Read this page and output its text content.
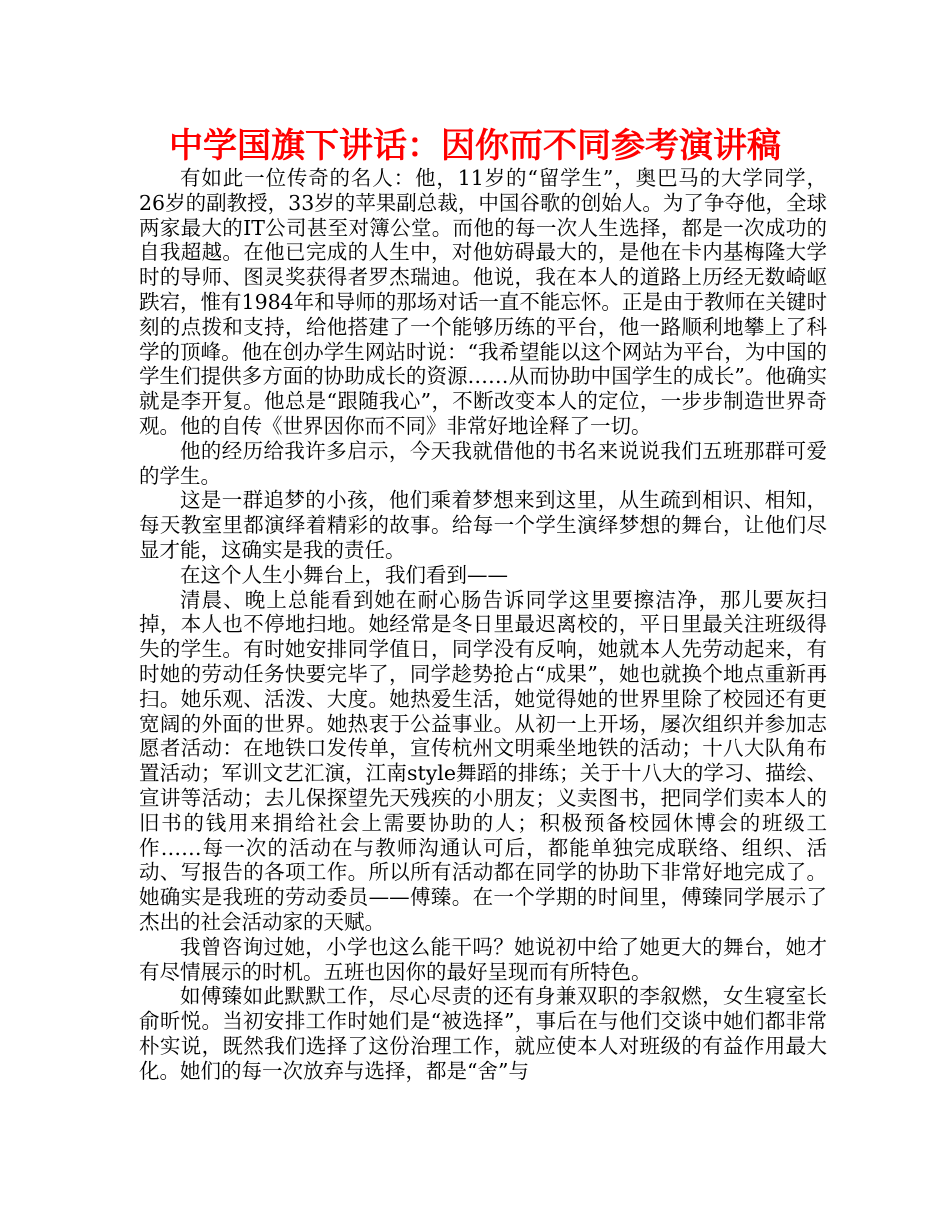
中学国旗下讲话：因你而不同参考演讲稿

有如此一位传奇的名人：他，11岁的“留学生”，奥巴马的大学同学，26岁的副教授，33岁的苹果副总裁，中国谷歌的创始人。为了争夺他，全球两家最大的IT公司甚至对簿公堂。而他的每一次人生选择，都是一次成功的自我超越。在他已完成的人生中，对他妨碍最大的，是他在卡内基梅隆大学时的导师、图灵奖获得者罗杰瑞迪。他说，我在本人的道路上历经无数崎岖跌宕，惟有1984年和导师的那场对话一直不能忘怀。正是由于教师在关键时刻的点拨和支持，给他搭建了一个能够历练的平台，他一路顺利地攀上了科学的顶峰。他在创办学生网站时说：“我希望能以这个网站为平台，为中国的学生们提供多方面的协助成长的资源……从而协助中国学生的成长”。他确实就是李开复。他总是“跟随我心”，不断改变本人的定位，一步步制造世界奇观。他的自传《世界因你而不同》非常好地诠释了一切。

他的经历给我许多启示，今天我就借他的书名来说说我们五班那群可爱的学生。

这是一群追梦的小孩，他们乘着梦想来到这里，从生疏到相识、相知，每天教室里都演绎着精彩的故事。给每一个学生演绎梦想的舞台，让他们尽显才能，这确实是我的责任。

在这个人生小舞台上，我们看到——

清晨、晚上总能看到她在耐心肠告诉同学这里要擦洁净，那儿要灰扫掉，本人也不停地扫地。她经常是冬日里最迟离校的，平日里最关注班级得失的学生。有时她安排同学值日，同学没有反响，她就本人先劳动起来，有时她的劳动任务快要完毕了，同学趁势抢占“成果”，她也就换个地点重新再扫。她乐观、活泼、大度。她热爱生活，她觉得她的世界里除了校园还有更宽阔的外面的世界。她热衷于公益事业。从初一上开场，屡次组织并参加志愿者活动：在地铁口发传单，宣传杭州文明乘坐地铁的活动；十八大队角布置活动；军训文艺汇演，江南style舞蹈的排练；关于十八大的学习、描绘、宣讲等活动；去儿保探望先天残疾的小朋友；义卖图书，把同学们卖本人的旧书的钱用来捐给社会上需要协助的人；积极预备校园休博会的班级工作……每一次的活动在与教师沟通认可后，都能单独完成联络、组织、活动、写报告的各项工作。所以所有活动都在同学的协助下非常好地完成了。她确实是我班的劳动委员——傅臻。在一个学期的时间里，傅臻同学展示了杰出的社会活动家的天赋。

我曾咨询过她，小学也这么能干吗？她说初中给了她更大的舞台，她才有尽情展示的时机。五班也因你的最好呈现而有所特色。

如傅臻如此默默工作，尽心尽责的还有身兼双职的李叙燃，女生寝室长俞昕悦。当初安排工作时她们是“被选择”，事后在与他们交谈中她们都非常朴实说，既然我们选择了这份治理工作，就应使本人对班级的有益作用最大化。她们的每一次放弃与选择，都是“舍”与
